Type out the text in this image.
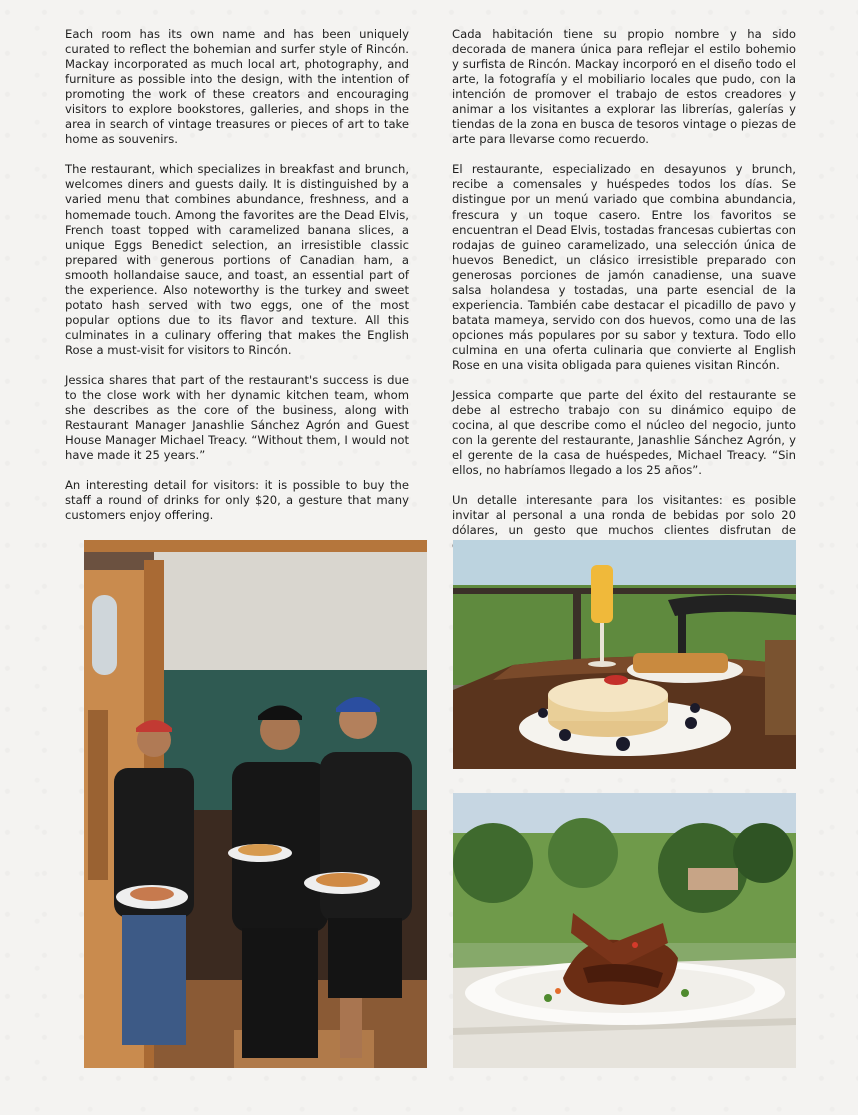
Each room has its own name and has been uniquely curated to reflect the bohemian and surfer style of Rincón. Mackay incorporated as much local art, photography, and furniture as possible into the design, with the intention of promoting the work of these creators and encouraging visitors to explore bookstores, galleries, and shops in the area in search of vintage treasures or pieces of art to take home as souvenirs.

The restaurant, which specializes in breakfast and brunch, welcomes diners and guests daily. It is distinguished by a varied menu that combines abundance, freshness, and a homemade touch. Among the favorites are the Dead Elvis, French toast topped with caramelized banana slices, a unique Eggs Benedict selection, an irresistible classic prepared with generous portions of Canadian ham, a smooth hollandaise sauce, and toast, an essential part of the experience. Also noteworthy is the turkey and sweet potato hash served with two eggs, one of the most popular options due to its flavor and texture. All this culminates in a culinary offering that makes the English Rose a must-visit for visitors to Rincón.

Jessica shares that part of the restaurant's success is due to the close work with her dynamic kitchen team, whom she describes as the core of the business, along with Restaurant Manager Janashlie Sánchez Agrón and Guest House Manager Michael Treacy. “Without them, I would not have made it 25 years.”

An interesting detail for visitors: it is possible to buy the staff a round of drinks for only $20, a gesture that many customers enjoy offering.

Cada habitación tiene su propio nombre y ha sido decorada de manera única para reflejar el estilo bohemio y surfista de Rincón. Mackay incorporó en el diseño todo el arte, la fotografía y el mobiliario locales que pudo, con la intención de promover el trabajo de estos creadores y animar a los visitantes a explorar las librerías, galerías y tiendas de la zona en busca de tesoros vintage o piezas de arte para llevarse como recuerdo.

El restaurante, especializado en desayunos y brunch, recibe a comensales y huéspedes todos los días. Se distingue por un menú variado que combina abundancia, frescura y un toque casero. Entre los favoritos se encuentran el Dead Elvis, tostadas francesas cubiertas con rodajas de guineo caramelizado, una selección única de huevos Benedict, un clásico irresistible preparado con generosas porciones de jamón canadiense, una suave salsa holandesa y tostadas, una parte esencial de la experiencia. También cabe destacar el picadillo de pavo y batata mameya, servido con dos huevos, como una de las opciones más populares por su sabor y textura. Todo ello culmina en una oferta culinaria que convierte al English Rose en una visita obligada para quienes visitan Rincón.

Jessica comparte que parte del éxito del restaurante se debe al estrecho trabajo con su dinámico equipo de cocina, al que describe como el núcleo del negocio, junto con la gerente del restaurante, Janashlie Sánchez Agrón, y el gerente de la casa de huéspedes, Michael Treacy. “Sin ellos, no habríamos llegado a los 25 años”.

Un detalle interesante para los visitantes: es posible invitar al personal a una ronda de bebidas por solo 20 dólares, un gesto que muchos clientes disfrutan de
